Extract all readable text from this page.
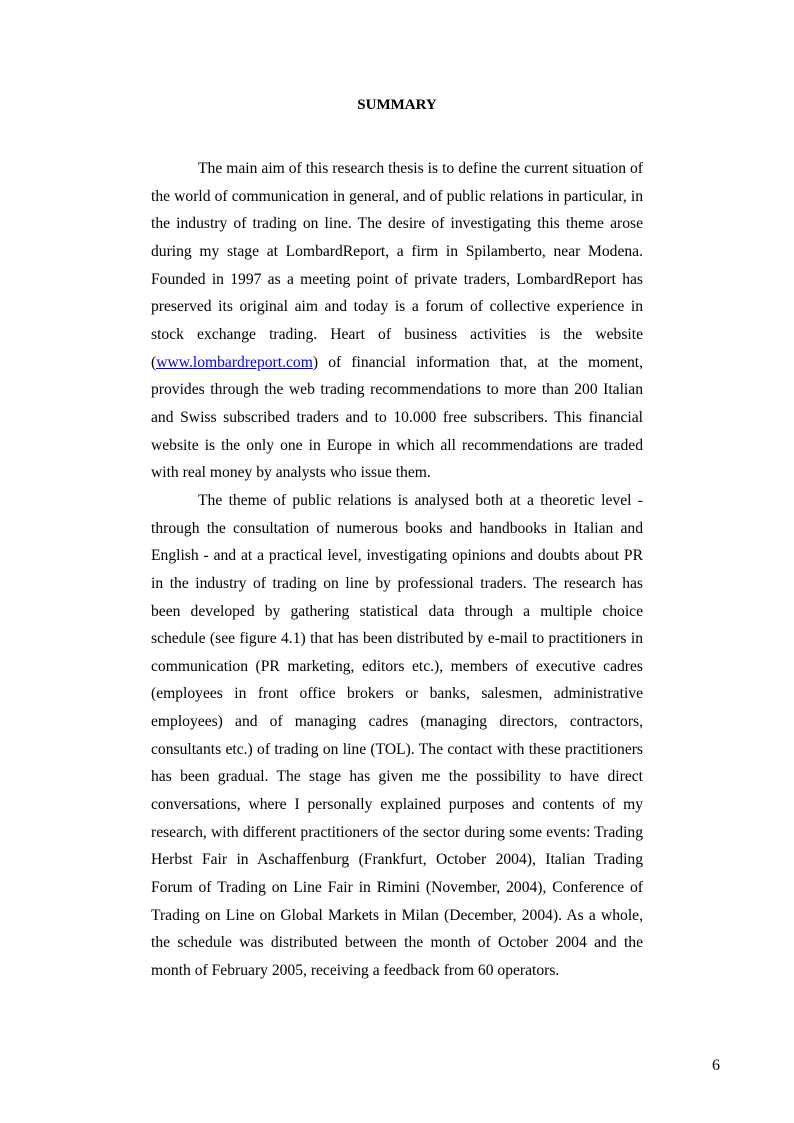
SUMMARY

The main aim of this research thesis is to define the current situation of the world of communication in general, and of public relations in particular, in the industry of trading on line. The desire of investigating this theme arose during my stage at LombardReport, a firm in Spilamberto, near Modena. Founded in 1997 as a meeting point of private traders, LombardReport has preserved its original aim and today is a forum of collective experience in stock exchange trading. Heart of business activities is the website (www.lombardreport.com) of financial information that, at the moment, provides through the web trading recommendations to more than 200 Italian and Swiss subscribed traders and to 10.000 free subscribers. This financial website is the only one in Europe in which all recommendations are traded with real money by analysts who issue them.

The theme of public relations is analysed both at a theoretic level - through the consultation of numerous books and handbooks in Italian and English - and at a practical level, investigating opinions and doubts about PR in the industry of trading on line by professional traders. The research has been developed by gathering statistical data through a multiple choice schedule (see figure 4.1) that has been distributed by e-mail to practitioners in communication (PR marketing, editors etc.), members of executive cadres (employees in front office brokers or banks, salesmen, administrative employees) and of managing cadres (managing directors, contractors, consultants etc.) of trading on line (TOL). The contact with these practitioners has been gradual. The stage has given me the possibility to have direct conversations, where I personally explained purposes and contents of my research, with different practitioners of the sector during some events: Trading Herbst Fair in Aschaffenburg (Frankfurt, October 2004), Italian Trading Forum of Trading on Line Fair in Rimini (November, 2004), Conference of Trading on Line on Global Markets in Milan (December, 2004). As a whole, the schedule was distributed between the month of October 2004 and the month of February 2005, receiving a feedback from 60 operators.

6
